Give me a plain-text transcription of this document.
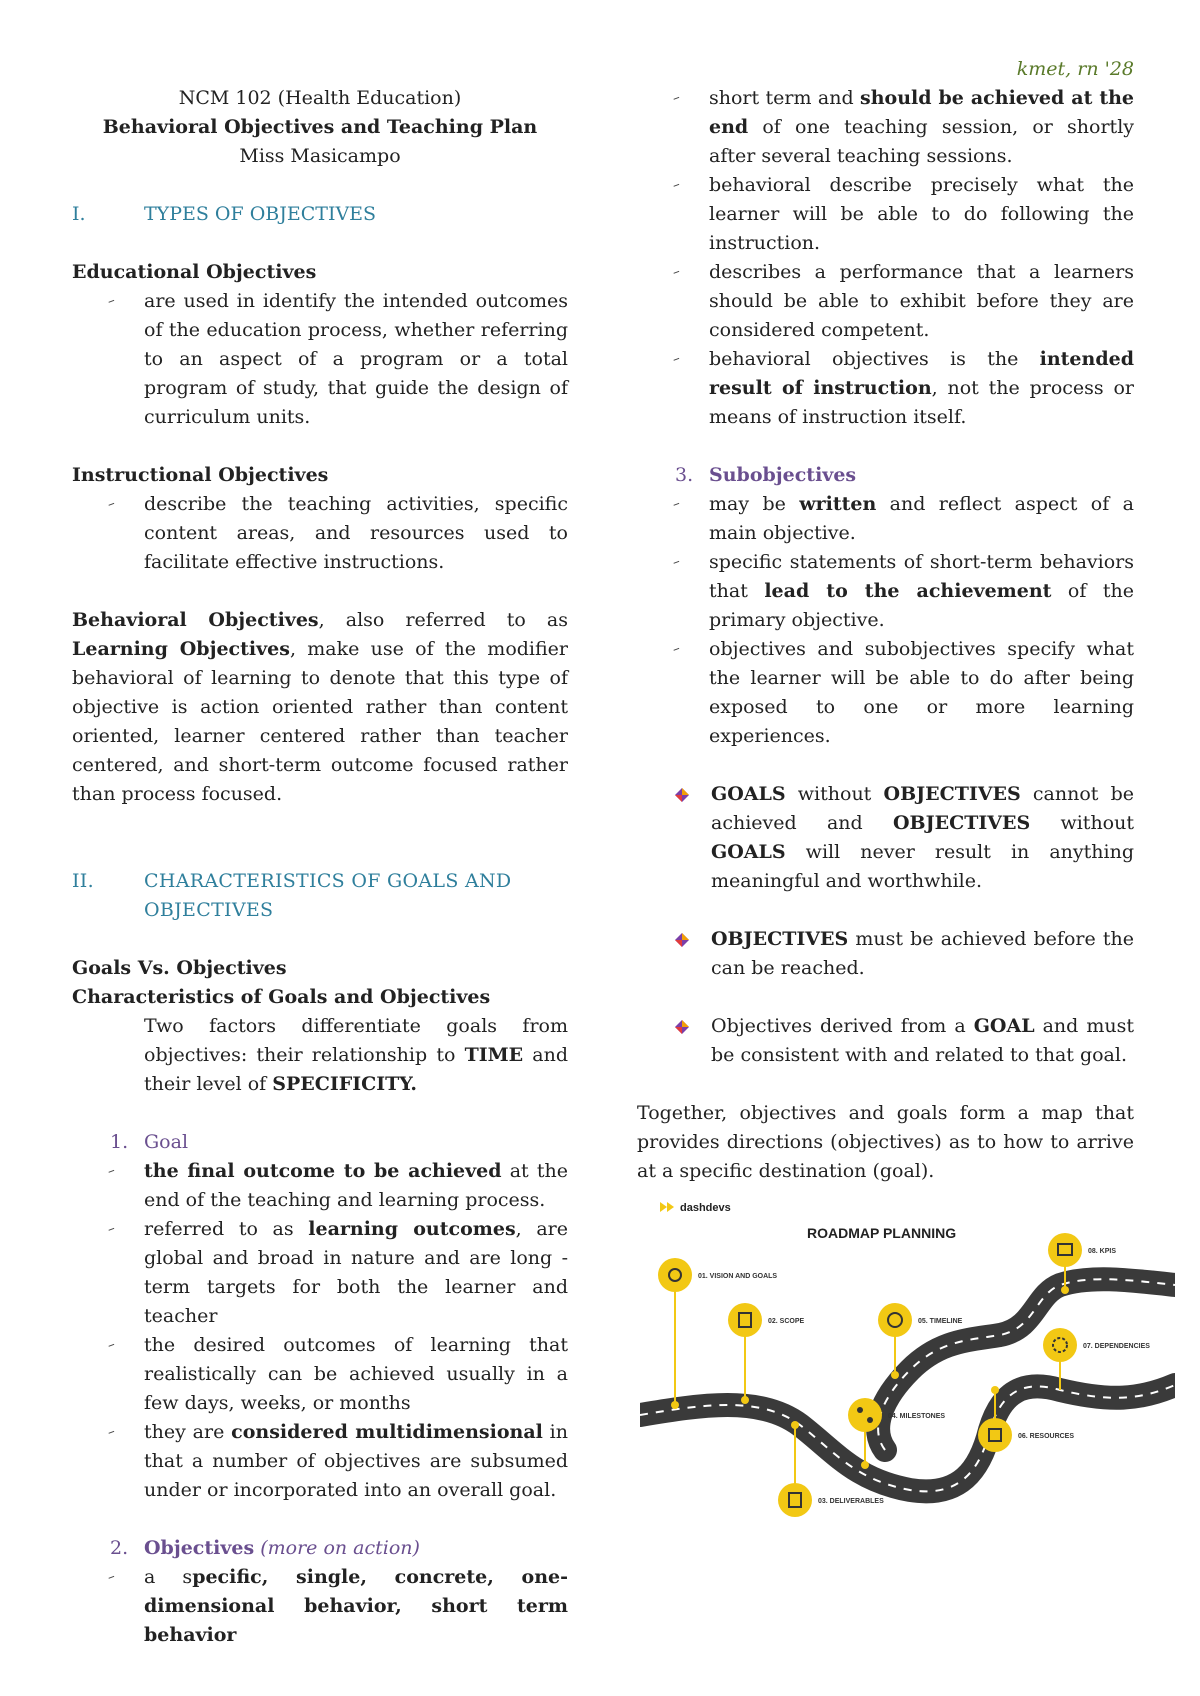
kmet, rn '28
NCM 102 (Health Education)
Behavioral Objectives and Teaching Plan
Miss Masicampo
I.	TYPES OF OBJECTIVES
Educational Objectives
– are used in identify the intended outcomes of the education process, whether referring to an aspect of a program or a total program of study, that guide the design of curriculum units.
Instructional Objectives
– describe the teaching activities, specific content areas, and resources used to facilitate effective instructions.
Behavioral Objectives, also referred to as Learning Objectives, make use of the modifier behavioral of learning to denote that this type of objective is action oriented rather than content oriented, learner centered rather than teacher centered, and short-term outcome focused rather than process focused.
II.	CHARACTERISTICS OF GOALS AND OBJECTIVES
Goals Vs. Objectives
Characteristics of Goals and Objectives
Two factors differentiate goals from objectives: their relationship to TIME and their level of SPECIFICITY.
1. Goal
– the final outcome to be achieved at the end of the teaching and learning process.
– referred to as learning outcomes, are global and broad in nature and are long -term targets for both the learner and teacher
– the desired outcomes of learning that realistically can be achieved usually in a few days, weeks, or months
– they are considered multidimensional in that a number of objectives are subsumed under or incorporated into an overall goal.
2. Objectives (more on action)
– a specific, single, concrete, one- dimensional behavior, short term behavior
– short term and should be achieved at the end of one teaching session, or shortly after several teaching sessions.
– behavioral describe precisely what the learner will be able to do following the instruction.
– describes a performance that a learners should be able to exhibit before they are considered competent.
– behavioral objectives is the intended result of instruction, not the process or means of instruction itself.
3. Subobjectives
– may be written and reflect aspect of a main objective.
– specific statements of short-term behaviors that lead to the achievement of the primary objective.
– objectives and subobjectives specify what the learner will be able to do after being exposed to one or more learning experiences.
GOALS without OBJECTIVES cannot be achieved and OBJECTIVES without GOALS will never result in anything meaningful and worthwhile.
OBJECTIVES must be achieved before the can be reached.
Objectives derived from a GOAL and must be consistent with and related to that goal.
Together, objectives and goals form a map that provides directions (objectives) as to how to arrive at a specific destination (goal).
dashdevs
ROADMAP PLANNING
01. VISION AND GOALS
02. SCOPE
03. DELIVERABLES
04. MILESTONES
05. TIMELINE
06. RESOURCES
07. DEPENDENCIES
08. KPIS
